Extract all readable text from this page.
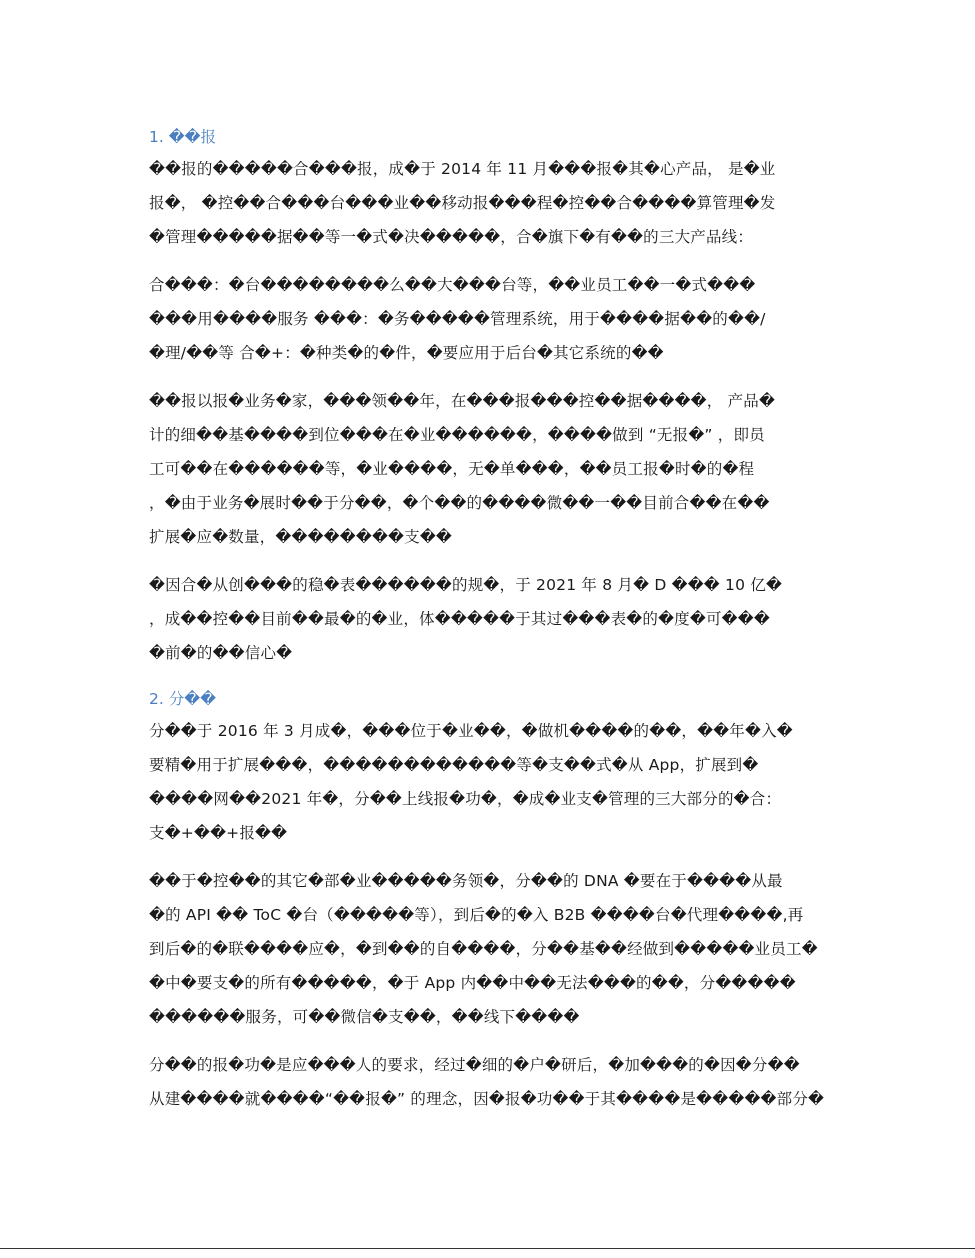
1. ��报
��报的�����合���报，成�于 2014 年 11 月���报�其�心产品， 是�业
报�， �控��合���台���业��移动报���程�控��合����算管理�发
�管理�����据��等一�式�决�����，合�旗下�有��的三大产品线：
合���：�台��������么��大���台等，��业员工��一�式���
���用����服务 ���：�务�����管理系统，用于����据��的��/
�理/��等 合�+：�种类�的�件，�要应用于后台�其它系统的��
��报以报�业务�家，���领��年，在���报���控��据����， 产品�
计的细��基����到位���在�业������，����做到 “无报�” ，即员
工可��在������等，�业����，无�单���，��员工报�时�的�程
，�由于业务�展时��于分��，�个��的����微��一��目前合��在��
扩展�应�数量，��������支��
�因合�从创���的稳�表������的规�，于 2021 年 8 月� D ��� 10 亿�
，成��控��目前��最�的�业，体�����于其过���表�的�度�可���
�前�的��信心�
2. 分��
分��于 2016 年 3 月成�，���位于�业��，�做机����的��，��年�入�
要精�用于扩展���，������������等�支��式�从 App，扩展到�
����网��2021 年�，分��上线报�功�，�成�业支�管理的三大部分的�合：
支�+��+报��
��于�控��的其它�部�业�����务领�，分��的 DNA �要在于����从最
�的 API �� ToC �台（�����等），到后�的�入 B2B ����台�代理����,再
到后�的�联����应�，�到��的自����，分��基��经做到�����业员工�
�中�要支�的所有�����，�于 App 内��中��无法���的��，分�����
������服务，可��微信�支��，��线下����
分��的报�功�是应���人的要求，经过�细的�户�研后，�加���的�因�分��
从建����就����“��报�” 的理念，因�报�功��于其����是�����部分�
